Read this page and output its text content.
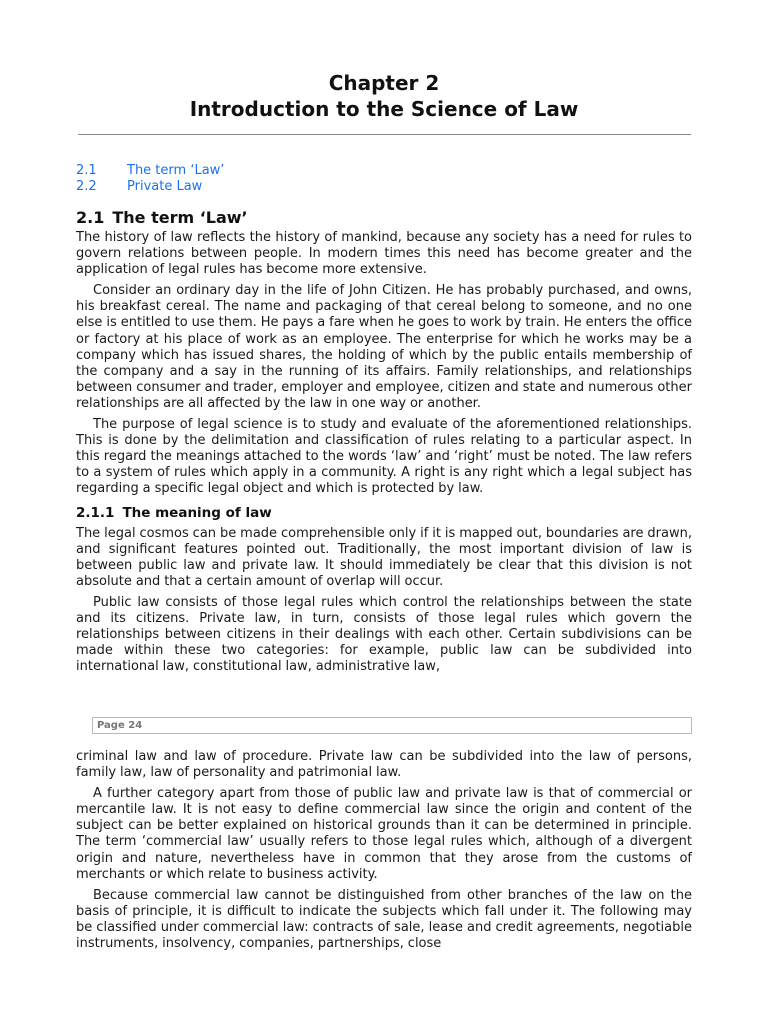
Chapter 2
Introduction to the Science of Law
2.1 The term ‘Law’
2.2 Private Law
2.1 The term ‘Law’

The history of law reflects the history of mankind, because any society has a need for rules to govern relations between people. In modern times this need has become greater and the application of legal rules has become more extensive.

Consider an ordinary day in the life of John Citizen. He has probably purchased, and owns, his breakfast cereal. The name and packaging of that cereal belong to someone, and no one else is entitled to use them. He pays a fare when he goes to work by train. He enters the office or factory at his place of work as an employee. The enterprise for which he works may be a company which has issued shares, the holding of which by the public entails membership of the company and a say in the running of its affairs. Family relationships, and relationships between consumer and trader, employer and employee, citizen and state and numerous other relationships are all affected by the law in one way or another.

The purpose of legal science is to study and evaluate of the aforementioned relationships. This is done by the delimitation and classification of rules relating to a particular aspect. In this regard the meanings attached to the words ‘law’ and ‘right’ must be noted. The law refers to a system of rules which apply in a community. A right is any right which a legal subject has regarding a specific legal object and which is protected by law.

2.1.1 The meaning of law

The legal cosmos can be made comprehensible only if it is mapped out, boundaries are drawn, and significant features pointed out. Traditionally, the most important division of law is between public law and private law. It should immediately be clear that this division is not absolute and that a certain amount of overlap will occur.

Public law consists of those legal rules which control the relationships between the state and its citizens. Private law, in turn, consists of those legal rules which govern the relationships between citizens in their dealings with each other. Certain subdivisions can be made within these two categories: for example, public law can be subdivided into international law, constitutional law, administrative law,

Page 24

criminal law and law of procedure. Private law can be subdivided into the law of persons, family law, law of personality and patrimonial law.

A further category apart from those of public law and private law is that of commercial or mercantile law. It is not easy to define commercial law since the origin and content of the subject can be better explained on historical grounds than it can be determined in principle. The term ‘commercial law’ usually refers to those legal rules which, although of a divergent origin and nature, nevertheless have in common that they arose from the customs of merchants or which relate to business activity.

Because commercial law cannot be distinguished from other branches of the law on the basis of principle, it is difficult to indicate the subjects which fall under it. The following may be classified under commercial law: contracts of sale, lease and credit agreements, negotiable instruments, insolvency, companies, partnerships, close
